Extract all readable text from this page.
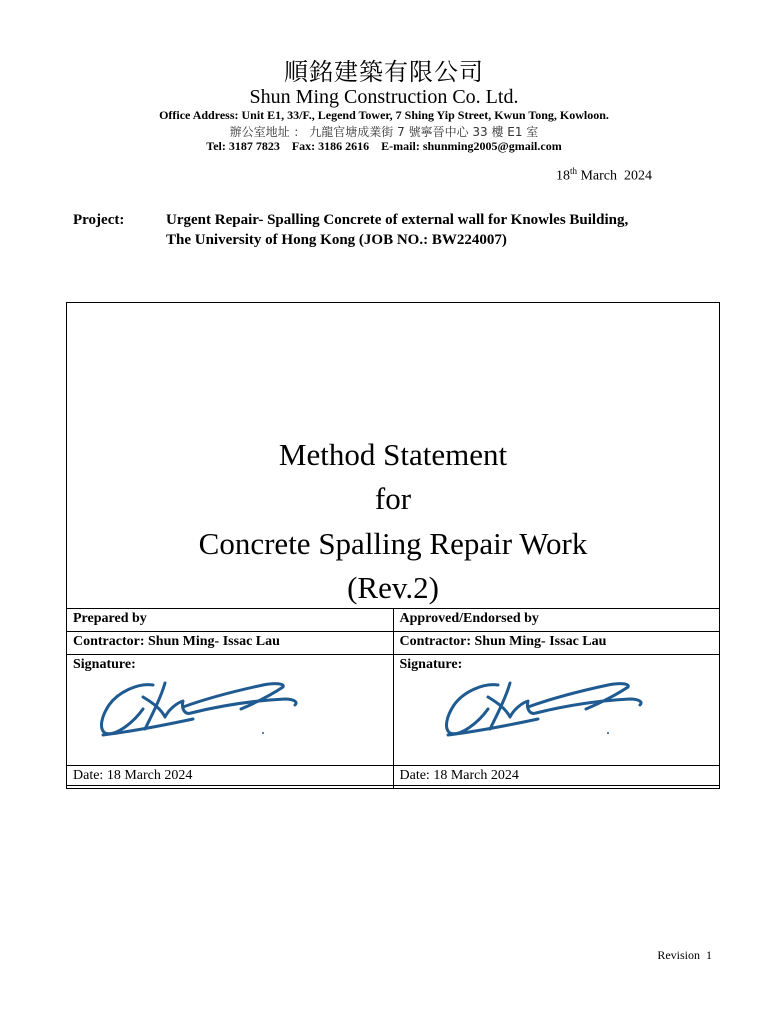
順銘建築有限公司
Shun Ming Construction Co. Ltd.
Office Address: Unit E1, 33/F., Legend Tower, 7 Shing Yip Street, Kwun Tong, Kowloon.
辦公室地址 ： 九龍官塘成業街 7 號寧晉中心 33 樓 E1 室
Tel: 3187 7823    Fax: 3186 2616    E-mail: shunming2005@gmail.com
18th March  2024
Project:	Urgent Repair- Spalling Concrete of external wall for Knowles Building,
The University of Hong Kong (JOB NO.: BW224007)
Method Statement
for
Concrete Spalling Repair Work
(Rev.2)
Prepared by	Approved/Endorsed by
Contractor: Shun Ming- Issac Lau	Contractor: Shun Ming- Issac Lau

Signature:	Signature:

Date: 18 March 2024	Date: 18 March 2024
Revision  1
